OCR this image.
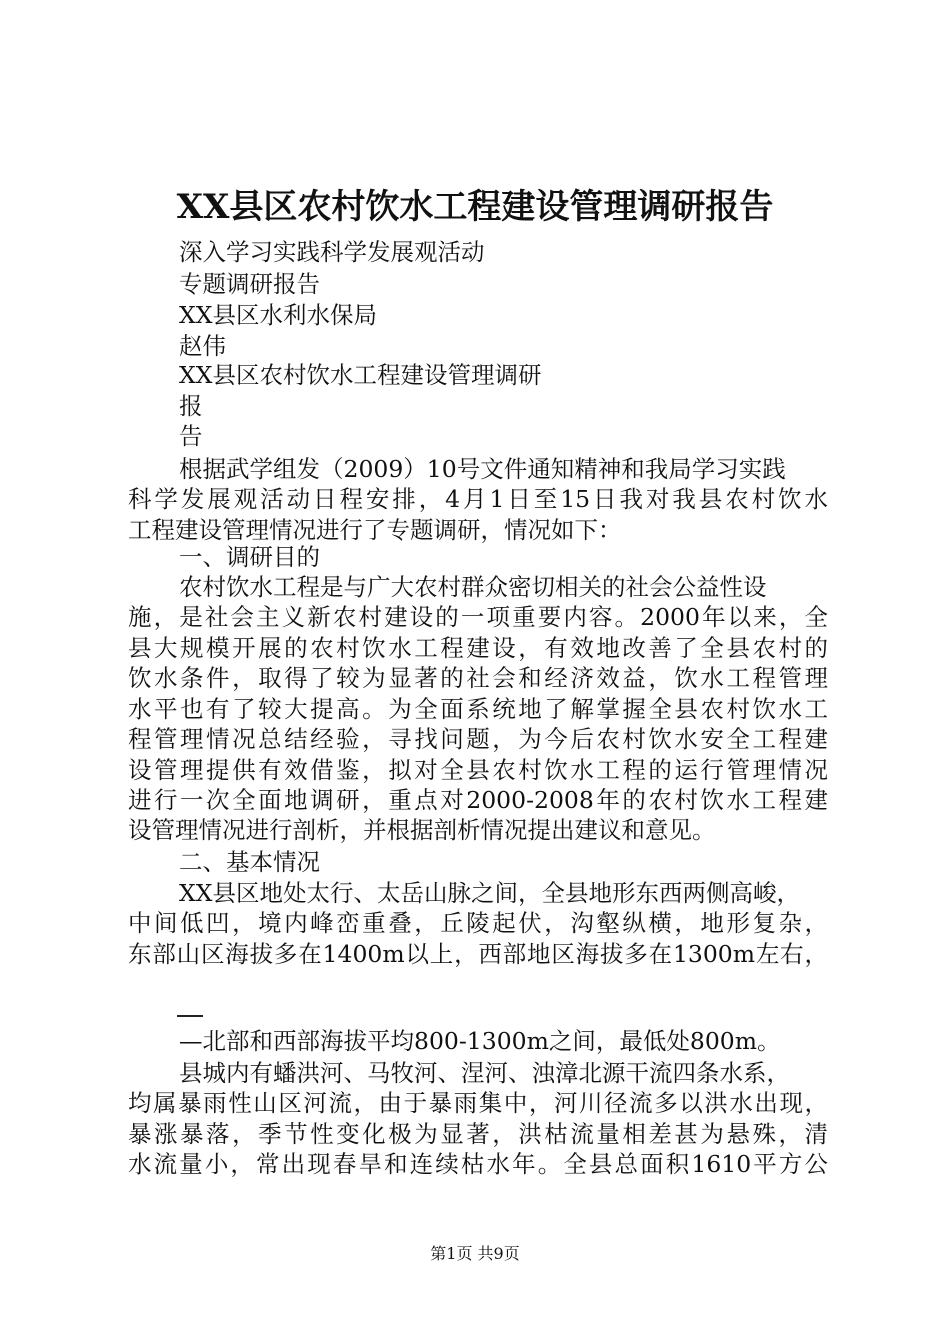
XX县区农村饮水工程建设管理调研报告
深入学习实践科学发展观活动
专题调研报告
XX县区水利水保局
赵伟
XX县区农村饮水工程建设管理调研
报
告
根据武学组发（2009）10号文件通知精神和我局学习实践
科学发展观活动日程安排，4月1日至15日我对我县农村饮水
工程建设管理情况进行了专题调研，情况如下：
一、调研目的
农村饮水工程是与广大农村群众密切相关的社会公益性设
施，是社会主义新农村建设的一项重要内容。2000年以来，全
县大规模开展的农村饮水工程建设，有效地改善了全县农村的
饮水条件，取得了较为显著的社会和经济效益，饮水工程管理
水平也有了较大提高。为全面系统地了解掌握全县农村饮水工
程管理情况总结经验，寻找问题，为今后农村饮水安全工程建
设管理提供有效借鉴，拟对全县农村饮水工程的运行管理情况
进行一次全面地调研，重点对2000-2008年的农村饮水工程建
设管理情况进行剖析，并根据剖析情况提出建议和意见。
二、基本情况
XX县区地处太行、太岳山脉之间，全县地形东西两侧高峻，
中间低凹，境内峰峦重叠，丘陵起伏，沟壑纵横，地形复杂，
东部山区海拔多在1400m以上，西部地区海拔多在1300m左右，
—北部和西部海拔平均800-1300m之间，最低处800m。
县城内有蟠洪河、马牧河、涅河、浊漳北源干流四条水系，
均属暴雨性山区河流，由于暴雨集中，河川径流多以洪水出现，
暴涨暴落，季节性变化极为显著，洪枯流量相差甚为悬殊，清
水流量小，常出现春旱和连续枯水年。全县总面积1610平方公
第1页 共9页
